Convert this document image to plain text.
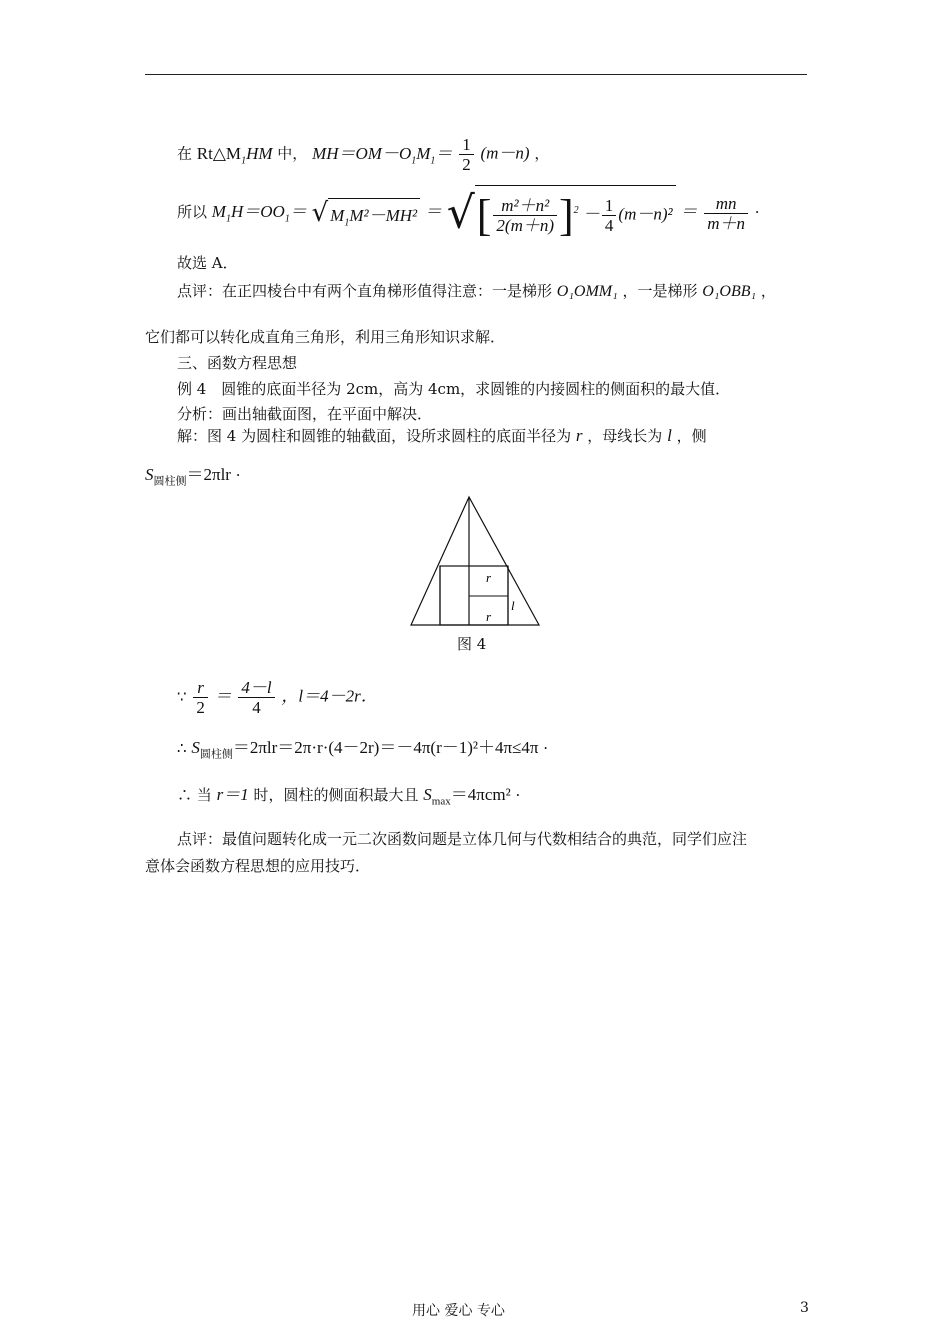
在 $Rt\triangle M_1HM$ 中， $MH=OM-O_1M_1= \frac{1}{2} (m-n)$ ，
所以 $M_1H=OO_1=$ √ $M_1M^2-MH^2$ ＝ √[ $\frac{\text{m²＋n²}}{2(m+n)} ]^2 - \frac{1}{4} (m-n)^2 = \frac{mn}{m+n}$ ·
故选 A．
点评：在正四棱台中有两个直角梯形值得注意：一是梯形 O₁OMM₁ ，一是梯形 O₁OBB₁ ，
它们都可以转化成直角三角形，利用三角形知识求解．
三、函数方程思想
例 4　圆锥的底面半径为 2cm，高为 4cm，求圆锥的内接圆柱的侧面积的最大值．
分析：画出轴截面图，在平面中解决．
解：图 4 为圆柱和圆锥的轴截面，设所求圆柱的底面半径为 r ，母线长为 l ，侧
$S_{圆柱侧}=2\pi lr$ ·
r
r
l
图 4
∵ $\frac{r}{2} = \frac{4-l}{4}$ ，l＝4－2r．
∴ $S_{圆柱侧}=2\pi lr=2\pi\cdot r\cdot(4-2r)=-4\pi(r-1)^2+4\pi\le 4\pi$ ·
∴ 当 r＝1 时，圆柱的侧面积最大且 $S_{max}=4\pi cm^2$ ·
点评：最值问题转化成一元二次函数问题是立体几何与代数相结合的典范，同学们应注
意体会函数方程思想的应用技巧．
用心 爱心 专心	3
